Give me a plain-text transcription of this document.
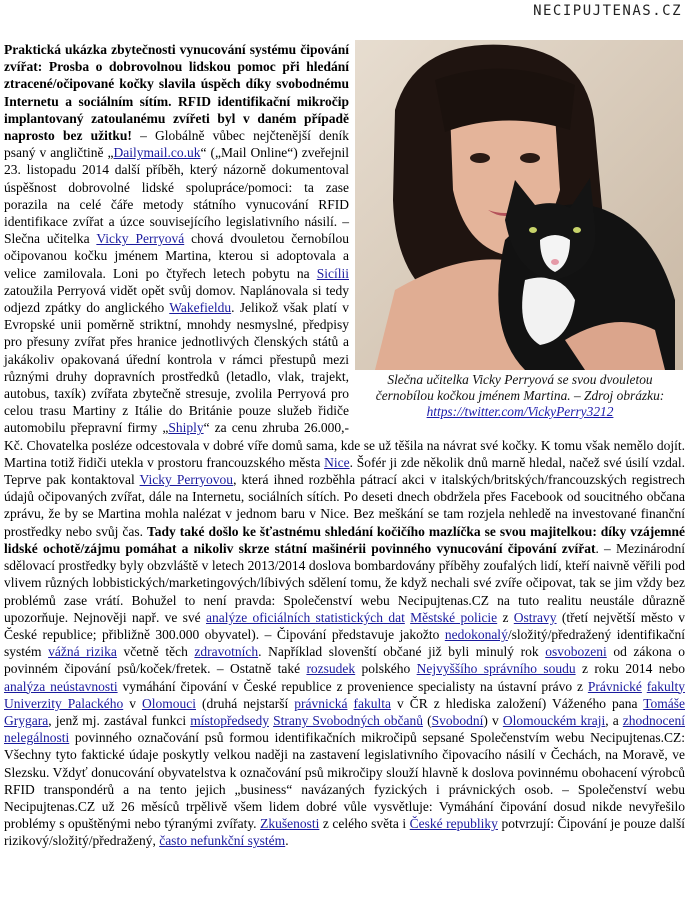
NECIPUJTENAS.CZ
Slečna učitelka Vicky Perryová se svou dvouletou
černobílou kočkou jménem Martina. – Zdroj obrázku:
https://twitter.com/VickyPerry3212

Praktická ukázka zbytečnosti vynucování systému čipování zvířat: Prosba o dobrovolnou lidskou pomoc při hledání ztracené/očipované kočky slavila úspěch díky svobodnému Internetu a sociálním sítím. RFID identifikační mikročip implantovaný zatoulanému zvířeti byl v daném případě naprosto bez užitku! – Globálně vůbec nejčtenější deník psaný v angličtině „Dailymail.co.uk“ („Mail Online“) zveřejnil 23. listopadu 2014 další příběh, který názorně dokumentoval úspěšnost dobrovolné lidské spolupráce/pomoci: ta zase porazila na celé čáře metody státního vynucování RFID identifikace zvířat a úzce souvisejícího legislativního násilí. – Slečna učitelka Vicky Perryová chová dvouletou černobílou očipovanou kočku jménem Martina, kterou si adoptovala a velice zamilovala. Loni po čtyřech letech pobytu na Sicílii zatoužila Perryová vidět opět svůj domov. Naplánovala si tedy odjezd zpátky do anglického Wakefieldu. Jelikož však platí v Evropské unii poměrně striktní, mnohdy nesmyslné, předpisy pro přesuny zvířat přes hranice jednotlivých členských států a jakákoliv opakovaná úřední kontrola v rámci přestupů mezi různými druhy dopravních prostředků (letadlo, vlak, trajekt, autobus, taxík) zvířata zbytečně stresuje, zvolila Perryová pro celou trasu Martiny z Itálie do Británie pouze služeb řidiče automobilu přepravní firmy „Shiply“ za cenu zhruba 26.000,-Kč. Chovatelka posléze odcestovala v dobré víře domů sama, kde se už těšila na návrat své kočky. K tomu však nemělo dojít. Martina totiž řidiči utekla v prostoru francouzského města Nice. Šofér ji zde několik dnů marně hledal, načež své úsilí vzdal. Teprve pak kontaktoval Vicky Perryovou, která ihned rozběhla pátrací akci v italských/britských/francouzských registrech údajů očipovaných zvířat, dále na Internetu, sociálních sítích. Po deseti dnech obdržela přes Facebook od soucitného občana zprávu, že by se Martina mohla nalézat v jednom baru v Nice. Bez meškání se tam rozjela nehledě na investované finanční prostředky nebo svůj čas. Tady také došlo ke šťastnému shledání kočičího mazlíčka se svou majitelkou: díky vzájemné lidské ochotě/zájmu pomáhat a nikoliv skrze státní mašinérii povinného vynucování čipování zvířat. – Mezinárodní sdělovací prostředky byly obzvláště v letech 2013/2014 doslova bombardovány příběhy zoufalých lidí, kteří naivně věřili pod vlivem různých lobbistických/marketingových/líbivých sdělení tomu, že když nechali své zvíře očipovat, tak se jim vždy bez problémů zase vrátí. Bohužel to není pravda: Společenství webu Necipujtenas.CZ na tuto realitu neustále důrazně upozorňuje. Nejnověji např. ve své analýze oficiálních statistických dat Městské policie z Ostravy (třetí největší město v České republice; přibližně 300.000 obyvatel). – Čipování představuje jakožto nedokonalý/složitý/předražený identifikační systém vážná rizika včetně těch zdravotních. Například slovenští občané již byli minulý rok osvobozeni od zákona o povinném čipování psů/koček/fretek. – Ostatně také rozsudek polského Nejvyššího správního soudu z roku 2014 nebo analýza neústavnosti vymáhání čipování v České republice z provenience specialisty na ústavní právo z Právnické fakulty Univerzity Palackého v Olomouci (druhá nejstarší právnická fakulta v ČR z hlediska založení) Váženého pana Tomáše Grygara, jenž mj. zastával funkci místopředsedy Strany Svobodných občanů (Svobodní) v Olomouckém kraji, a zhodnocení nelegálnosti povinného označování psů formou identifikačních mikročipů sepsané Společenstvím webu Necipujtenas.CZ: Všechny tyto faktické údaje poskytly velkou naději na zastavení legislativního čipovacího násilí v Čechách, na Moravě, ve Slezsku. Vždyť donucování obyvatelstva k označování psů mikročipy slouží hlavně k doslova povinnému obohacení výrobců RFID transpondérů a na tento jejich „business“ navázaných fyzických i právnických osob. – Společenství webu Necipujtenas.CZ už 26 měsíců trpělivě všem lidem dobré vůle vysvětluje: Vymáhání čipování dosud nikde nevyřešilo problémy s opuštěnými nebo týranými zvířaty. Zkušenosti z celého světa i České republiky potvrzují: Čipování je pouze další rizikový/složitý/předražený, často nefunkční systém.
